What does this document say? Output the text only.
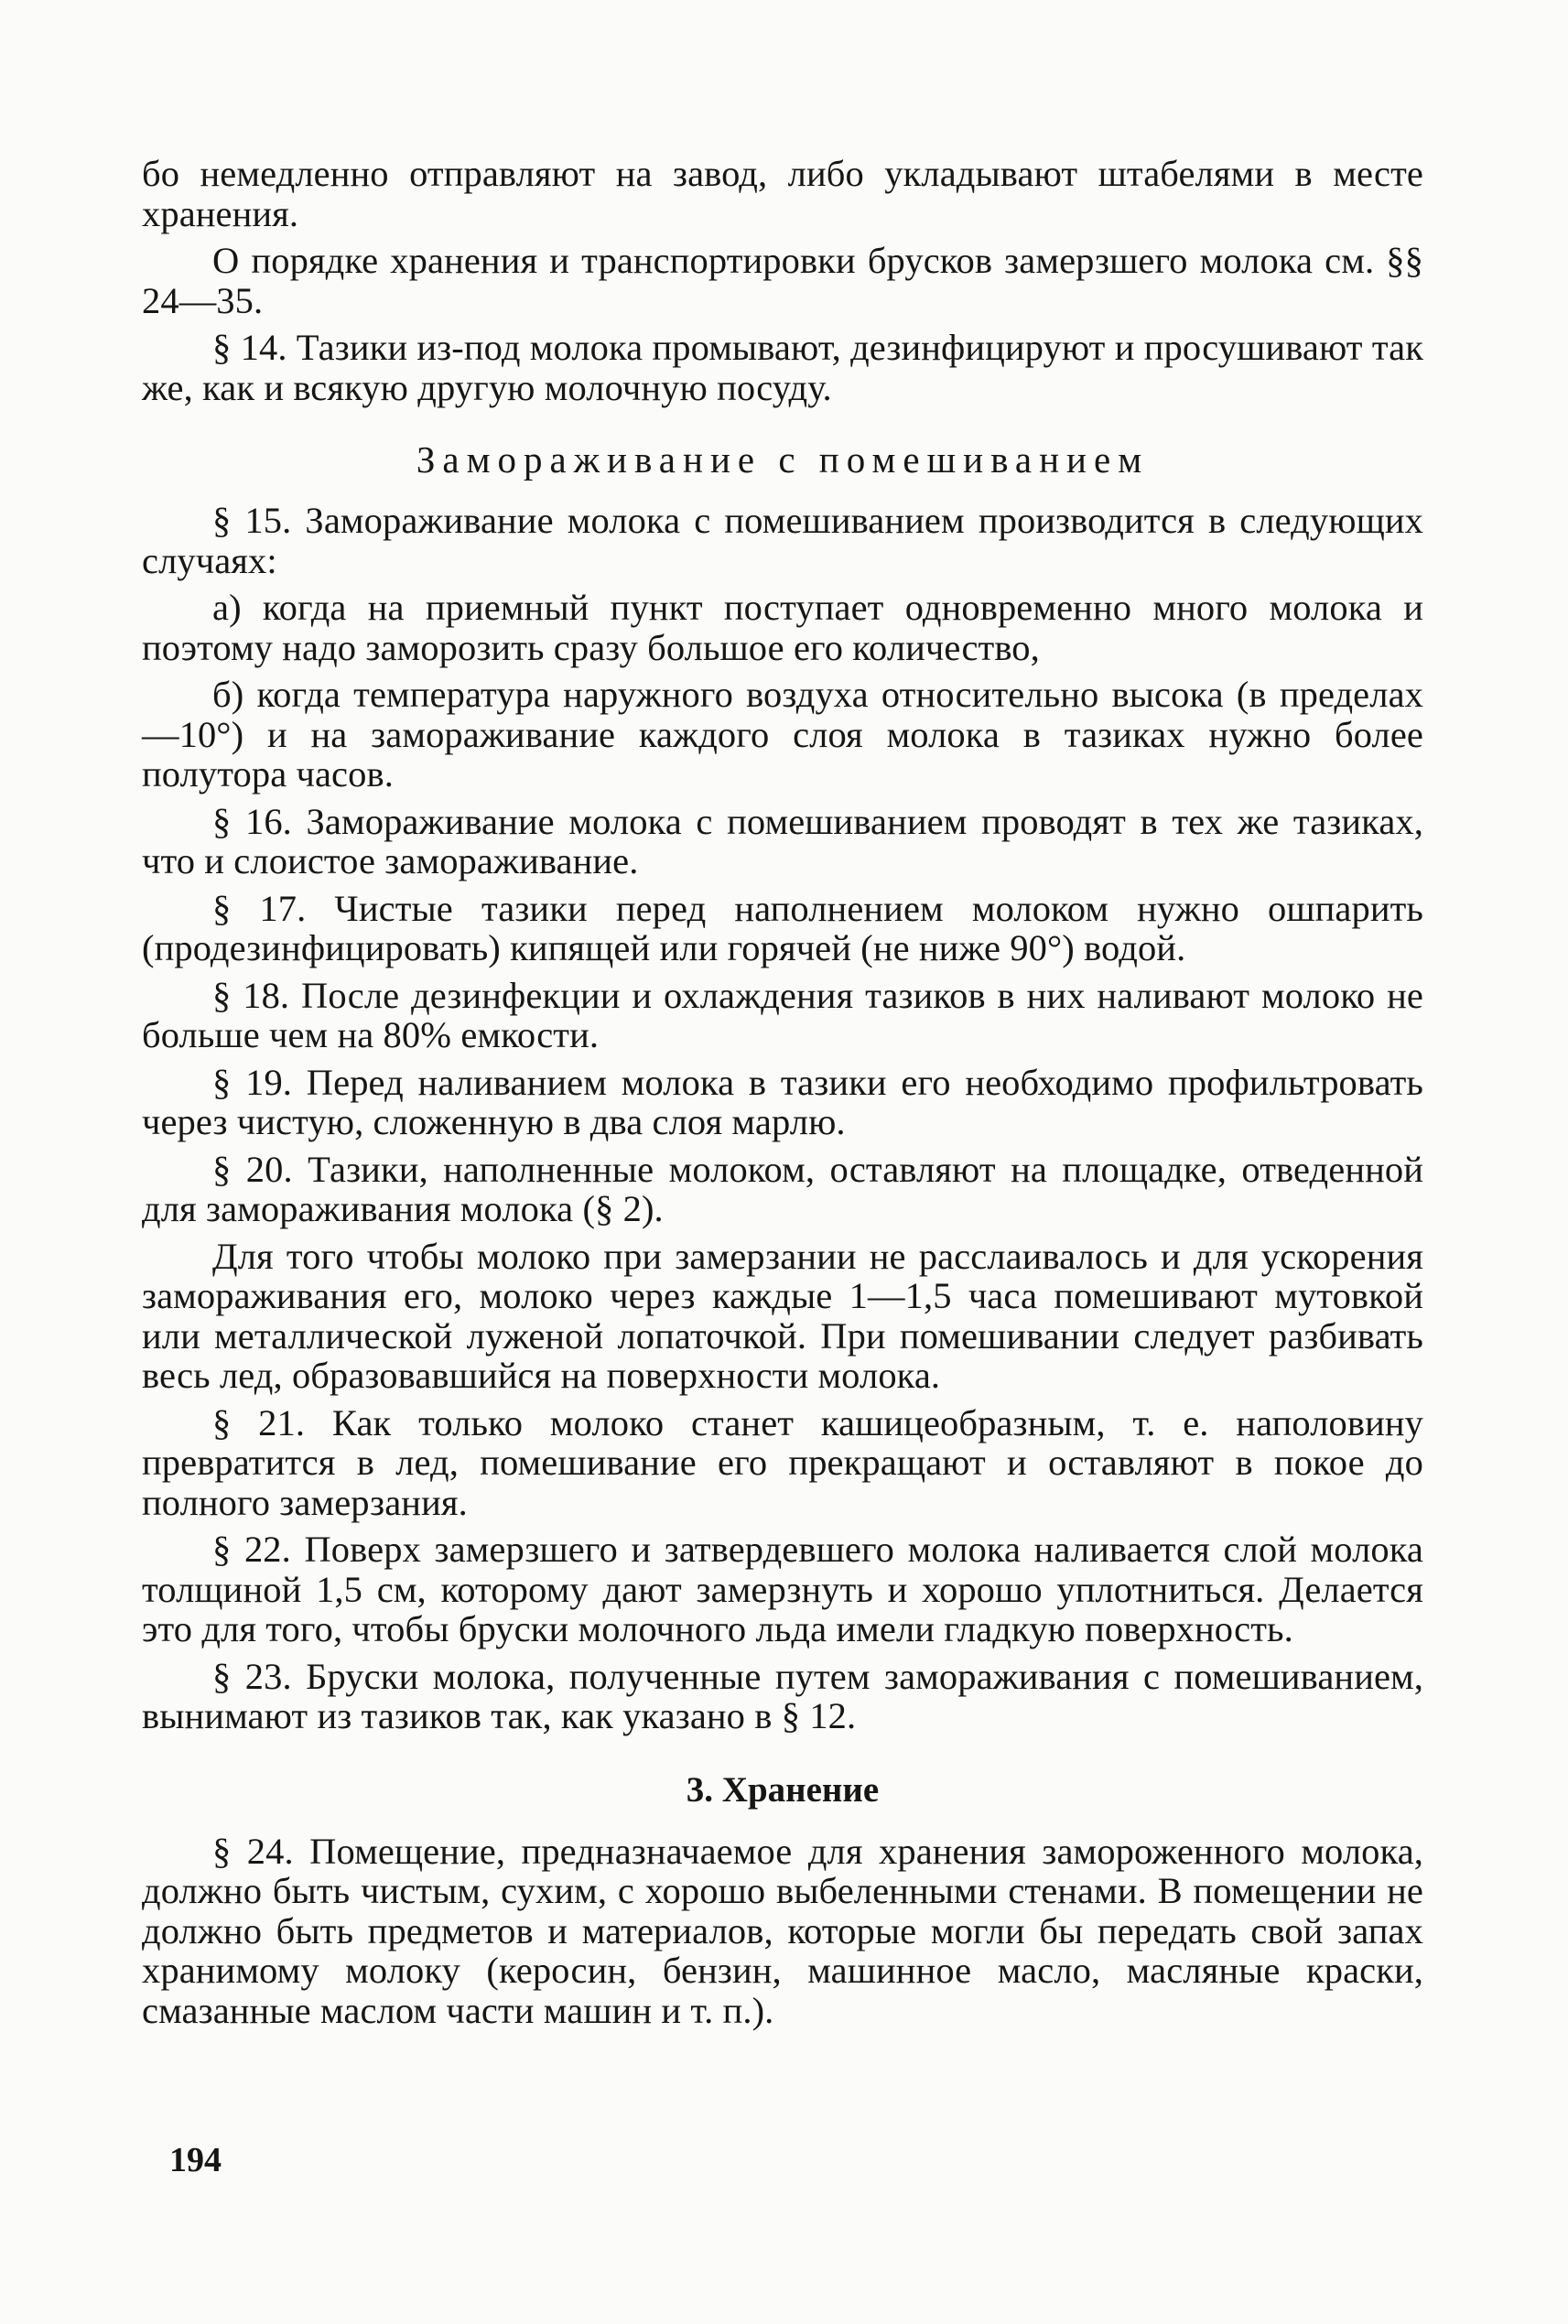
бо немедленно отправляют на завод, либо укладывают штабелями в месте хранения.

О порядке хранения и транспортировки брусков замерзшего молока см. §§ 24—35.

§ 14. Тазики из-под молока промывают, дезинфицируют и просушивают так же, как и всякую другую молочную посуду.

Замораживание с помешиванием

§ 15. Замораживание молока с помешиванием производится в следующих случаях:

а) когда на приемный пункт поступает одновременно много молока и поэтому надо заморозить сразу большое его количество,

б) когда температура наружного воздуха относительно высока (в пределах —10°) и на замораживание каждого слоя молока в тазиках нужно более полутора часов.

§ 16. Замораживание молока с помешиванием проводят в тех же тазиках, что и слоистое замораживание.

§ 17. Чистые тазики перед наполнением молоком нужно ошпарить (продезинфицировать) кипящей или горячей (не ниже 90°) водой.

§ 18. После дезинфекции и охлаждения тазиков в них наливают молоко не больше чем на 80% емкости.

§ 19. Перед наливанием молока в тазики его необходимо профильтровать через чистую, сложенную в два слоя марлю.

§ 20. Тазики, наполненные молоком, оставляют на площадке, отведенной для замораживания молока (§ 2).

Для того чтобы молоко при замерзании не расслаивалось и для ускорения замораживания его, молоко через каждые 1—1,5 часа помешивают мутовкой или металлической луженой лопаточкой. При помешивании следует разбивать весь лед, образовавшийся на поверхности молока.

§ 21. Как только молоко станет кашицеобразным, т. е. наполовину превратится в лед, помешивание его прекращают и оставляют в покое до полного замерзания.

§ 22. Поверх замерзшего и затвердевшего молока наливается слой молока толщиной 1,5 см, которому дают замерзнуть и хорошо уплотниться. Делается это для того, чтобы бруски молочного льда имели гладкую поверхность.

§ 23. Бруски молока, полученные путем замораживания с помешиванием, вынимают из тазиков так, как указано в § 12.

3. Хранение

§ 24. Помещение, предназначаемое для хранения замороженного молока, должно быть чистым, сухим, с хорошо выбеленными стенами. В помещении не должно быть предметов и материалов, которые могли бы передать свой запах хранимому молоку (керосин, бензин, машинное масло, масляные краски, смазанные маслом части машин и т. п.).

194
